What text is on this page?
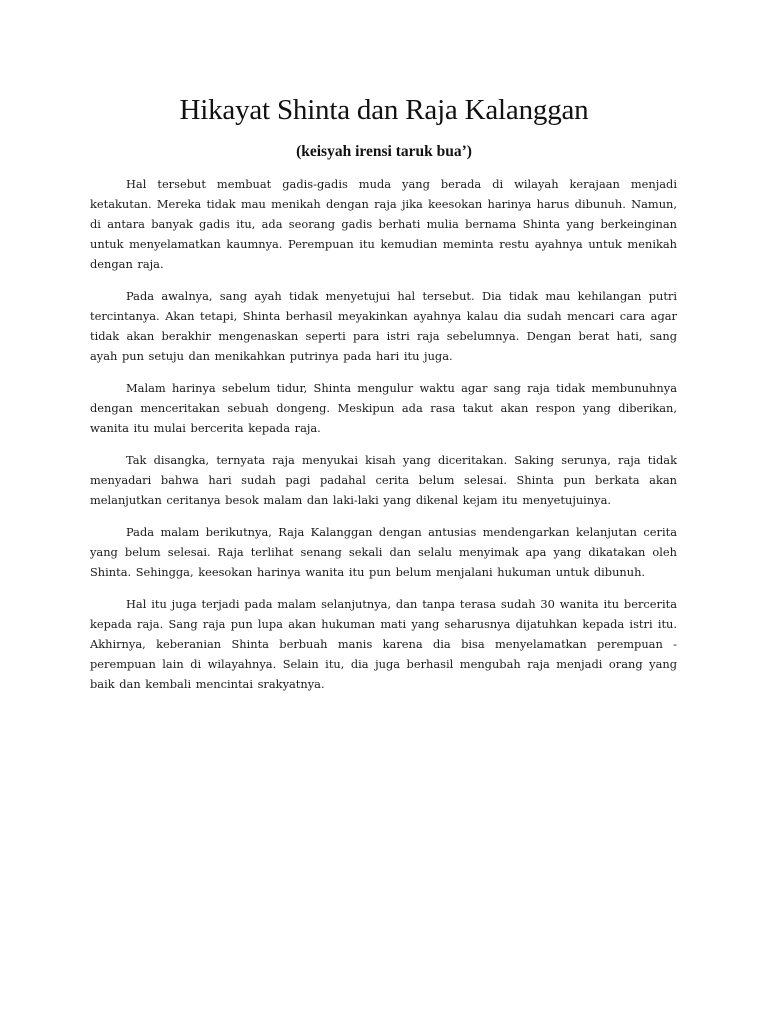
Hikayat Shinta dan Raja Kalanggan
(keisyah irensi taruk bua’)

Hal tersebut membuat gadis-gadis muda yang berada di wilayah kerajaan menjadi ketakutan. Mereka tidak mau menikah dengan raja jika keesokan harinya harus dibunuh. Namun, di antara banyak gadis itu, ada seorang gadis berhati mulia bernama Shinta yang berkeinginan untuk menyelamatkan kaumnya. Perempuan itu kemudian meminta restu ayahnya untuk menikah dengan raja.

Pada awalnya, sang ayah tidak menyetujui hal tersebut. Dia tidak mau kehilangan putri tercintanya. Akan tetapi, Shinta berhasil meyakinkan ayahnya kalau dia sudah mencari cara agar tidak akan berakhir mengenaskan seperti para istri raja sebelumnya. Dengan berat hati, sang ayah pun setuju dan menikahkan putrinya pada hari itu juga.

Malam harinya sebelum tidur, Shinta mengulur waktu agar sang raja tidak membunuhnya dengan menceritakan sebuah dongeng. Meskipun ada rasa takut akan respon yang diberikan, wanita itu mulai bercerita kepada raja.

Tak disangka, ternyata raja menyukai kisah yang diceritakan. Saking serunya, raja tidak menyadari bahwa hari sudah pagi padahal cerita belum selesai. Shinta pun berkata akan melanjutkan ceritanya besok malam dan laki-laki yang dikenal kejam itu menyetujuinya.

Pada malam berikutnya, Raja Kalanggan dengan antusias mendengarkan kelanjutan cerita yang belum selesai. Raja terlihat senang sekali dan selalu menyimak apa yang dikatakan oleh Shinta. Sehingga, keesokan harinya wanita itu pun belum menjalani hukuman untuk dibunuh.

Hal itu juga terjadi pada malam selanjutnya, dan tanpa terasa sudah 30 wanita itu bercerita kepada raja. Sang raja pun lupa akan hukuman mati yang seharusnya dijatuhkan kepada istri itu. Akhirnya, keberanian Shinta berbuah manis karena dia bisa menyelamatkan perempuan - perempuan lain di wilayahnya. Selain itu, dia juga berhasil mengubah raja menjadi orang yang baik dan kembali mencintai srakyatnya.
